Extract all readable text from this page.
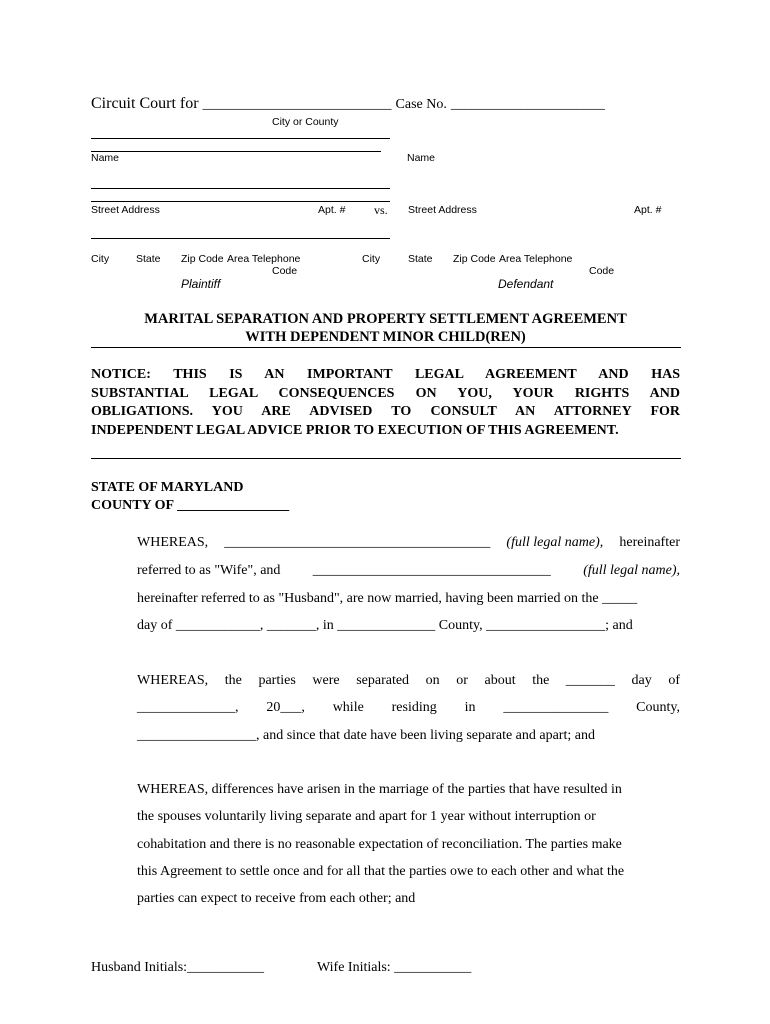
Circuit Court for ___________________________ Case No. ______________________
City or County
Name	Name
Street Address	Apt. # vs. Street Address	Apt. #
City	State Zip Code Area Telephone
Code
City	State Zip Code Area Telephone
Code
Plaintiff	Defendant
MARITAL SEPARATION AND PROPERTY SETTLEMENT AGREEMENT
WITH DEPENDENT MINOR CHILD(REN)
NOTICE: THIS IS AN IMPORTANT LEGAL AGREEMENT AND HAS
SUBSTANTIAL LEGAL CONSEQUENCES ON YOU, YOUR RIGHTS AND
OBLIGATIONS. YOU ARE ADVISED TO CONSULT AN ATTORNEY FOR
INDEPENDENT LEGAL ADVICE PRIOR TO EXECUTION OF THIS AGREEMENT.
STATE OF MARYLAND
COUNTY OF ________________
WHEREAS, ______________________________________ (full legal name), hereinafter
referred to as "Wife", and __________________________________ (full legal name),
hereinafter referred to as "Husband", are now married, having been married on the _____
day of ____________, _______, in ______________ County, _________________; and
WHEREAS, the parties were separated on or about the _______ day of
______________, 20___, while residing in _______________ County,
_________________, and since that date have been living separate and apart; and
WHEREAS, differences have arisen in the marriage of the parties that have resulted in
the spouses voluntarily living separate and apart for 1 year without interruption or
cohabitation and there is no reasonable expectation of reconciliation. The parties make
this Agreement to settle once and for all that the parties owe to each other and what the
parties can expect to receive from each other; and
Husband Initials:___________	Wife Initials: ___________
